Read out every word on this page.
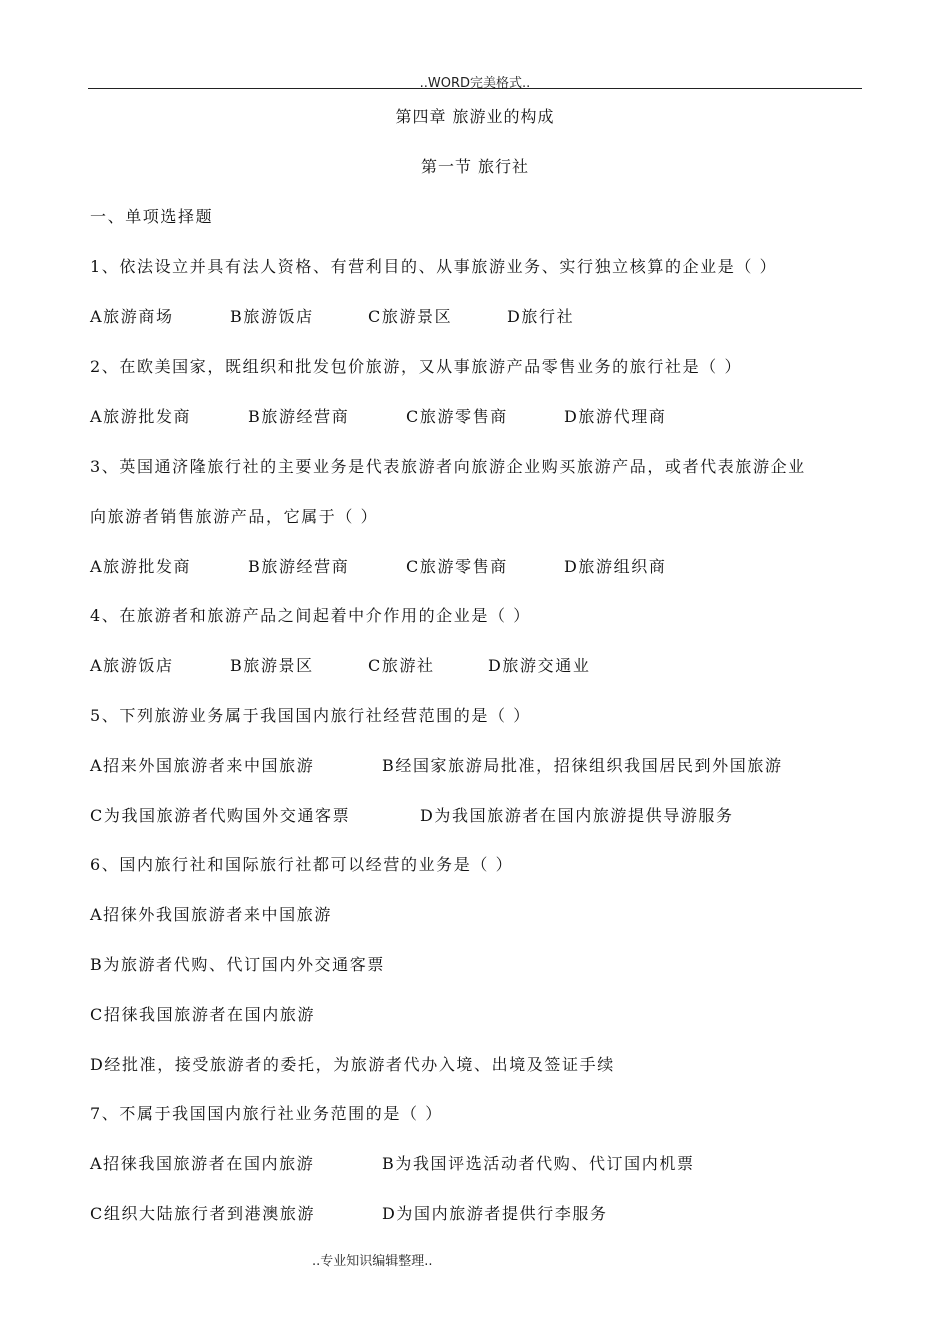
..WORD完美格式..
第四章 旅游业的构成
第一节 旅行社
一、单项选择题
1、依法设立并具有法人资格、有营利目的、从事旅游业务、实行独立核算的企业是（ ）
A旅游商场	B旅游饭店	C旅游景区	D旅行社
2、在欧美国家，既组织和批发包价旅游，又从事旅游产品零售业务的旅行社是（ ）
A旅游批发商	B旅游经营商	C旅游零售商	D旅游代理商
3、英国通济隆旅行社的主要业务是代表旅游者向旅游企业购买旅游产品，或者代表旅游企业
向旅游者销售旅游产品，它属于（ ）
A旅游批发商	B旅游经营商	C旅游零售商	D旅游组织商
4、在旅游者和旅游产品之间起着中介作用的企业是（ ）
A旅游饭店	B旅游景区	C旅游社	D旅游交通业
5、下列旅游业务属于我国国内旅行社经营范围的是（ ）
A招来外国旅游者来中国旅游	B经国家旅游局批准，招徕组织我国居民到外国旅游
C为我国旅游者代购国外交通客票	D为我国旅游者在国内旅游提供导游服务
6、国内旅行社和国际旅行社都可以经营的业务是（ ）
A招徕外我国旅游者来中国旅游
B为旅游者代购、代订国内外交通客票
C招徕我国旅游者在国内旅游
D经批准，接受旅游者的委托，为旅游者代办入境、出境及签证手续
7、不属于我国国内旅行社业务范围的是（ ）
A招徕我国旅游者在国内旅游	B为我国评选活动者代购、代订国内机票
C组织大陆旅行者到港澳旅游	D为国内旅游者提供行李服务
..专业知识编辑整理..
